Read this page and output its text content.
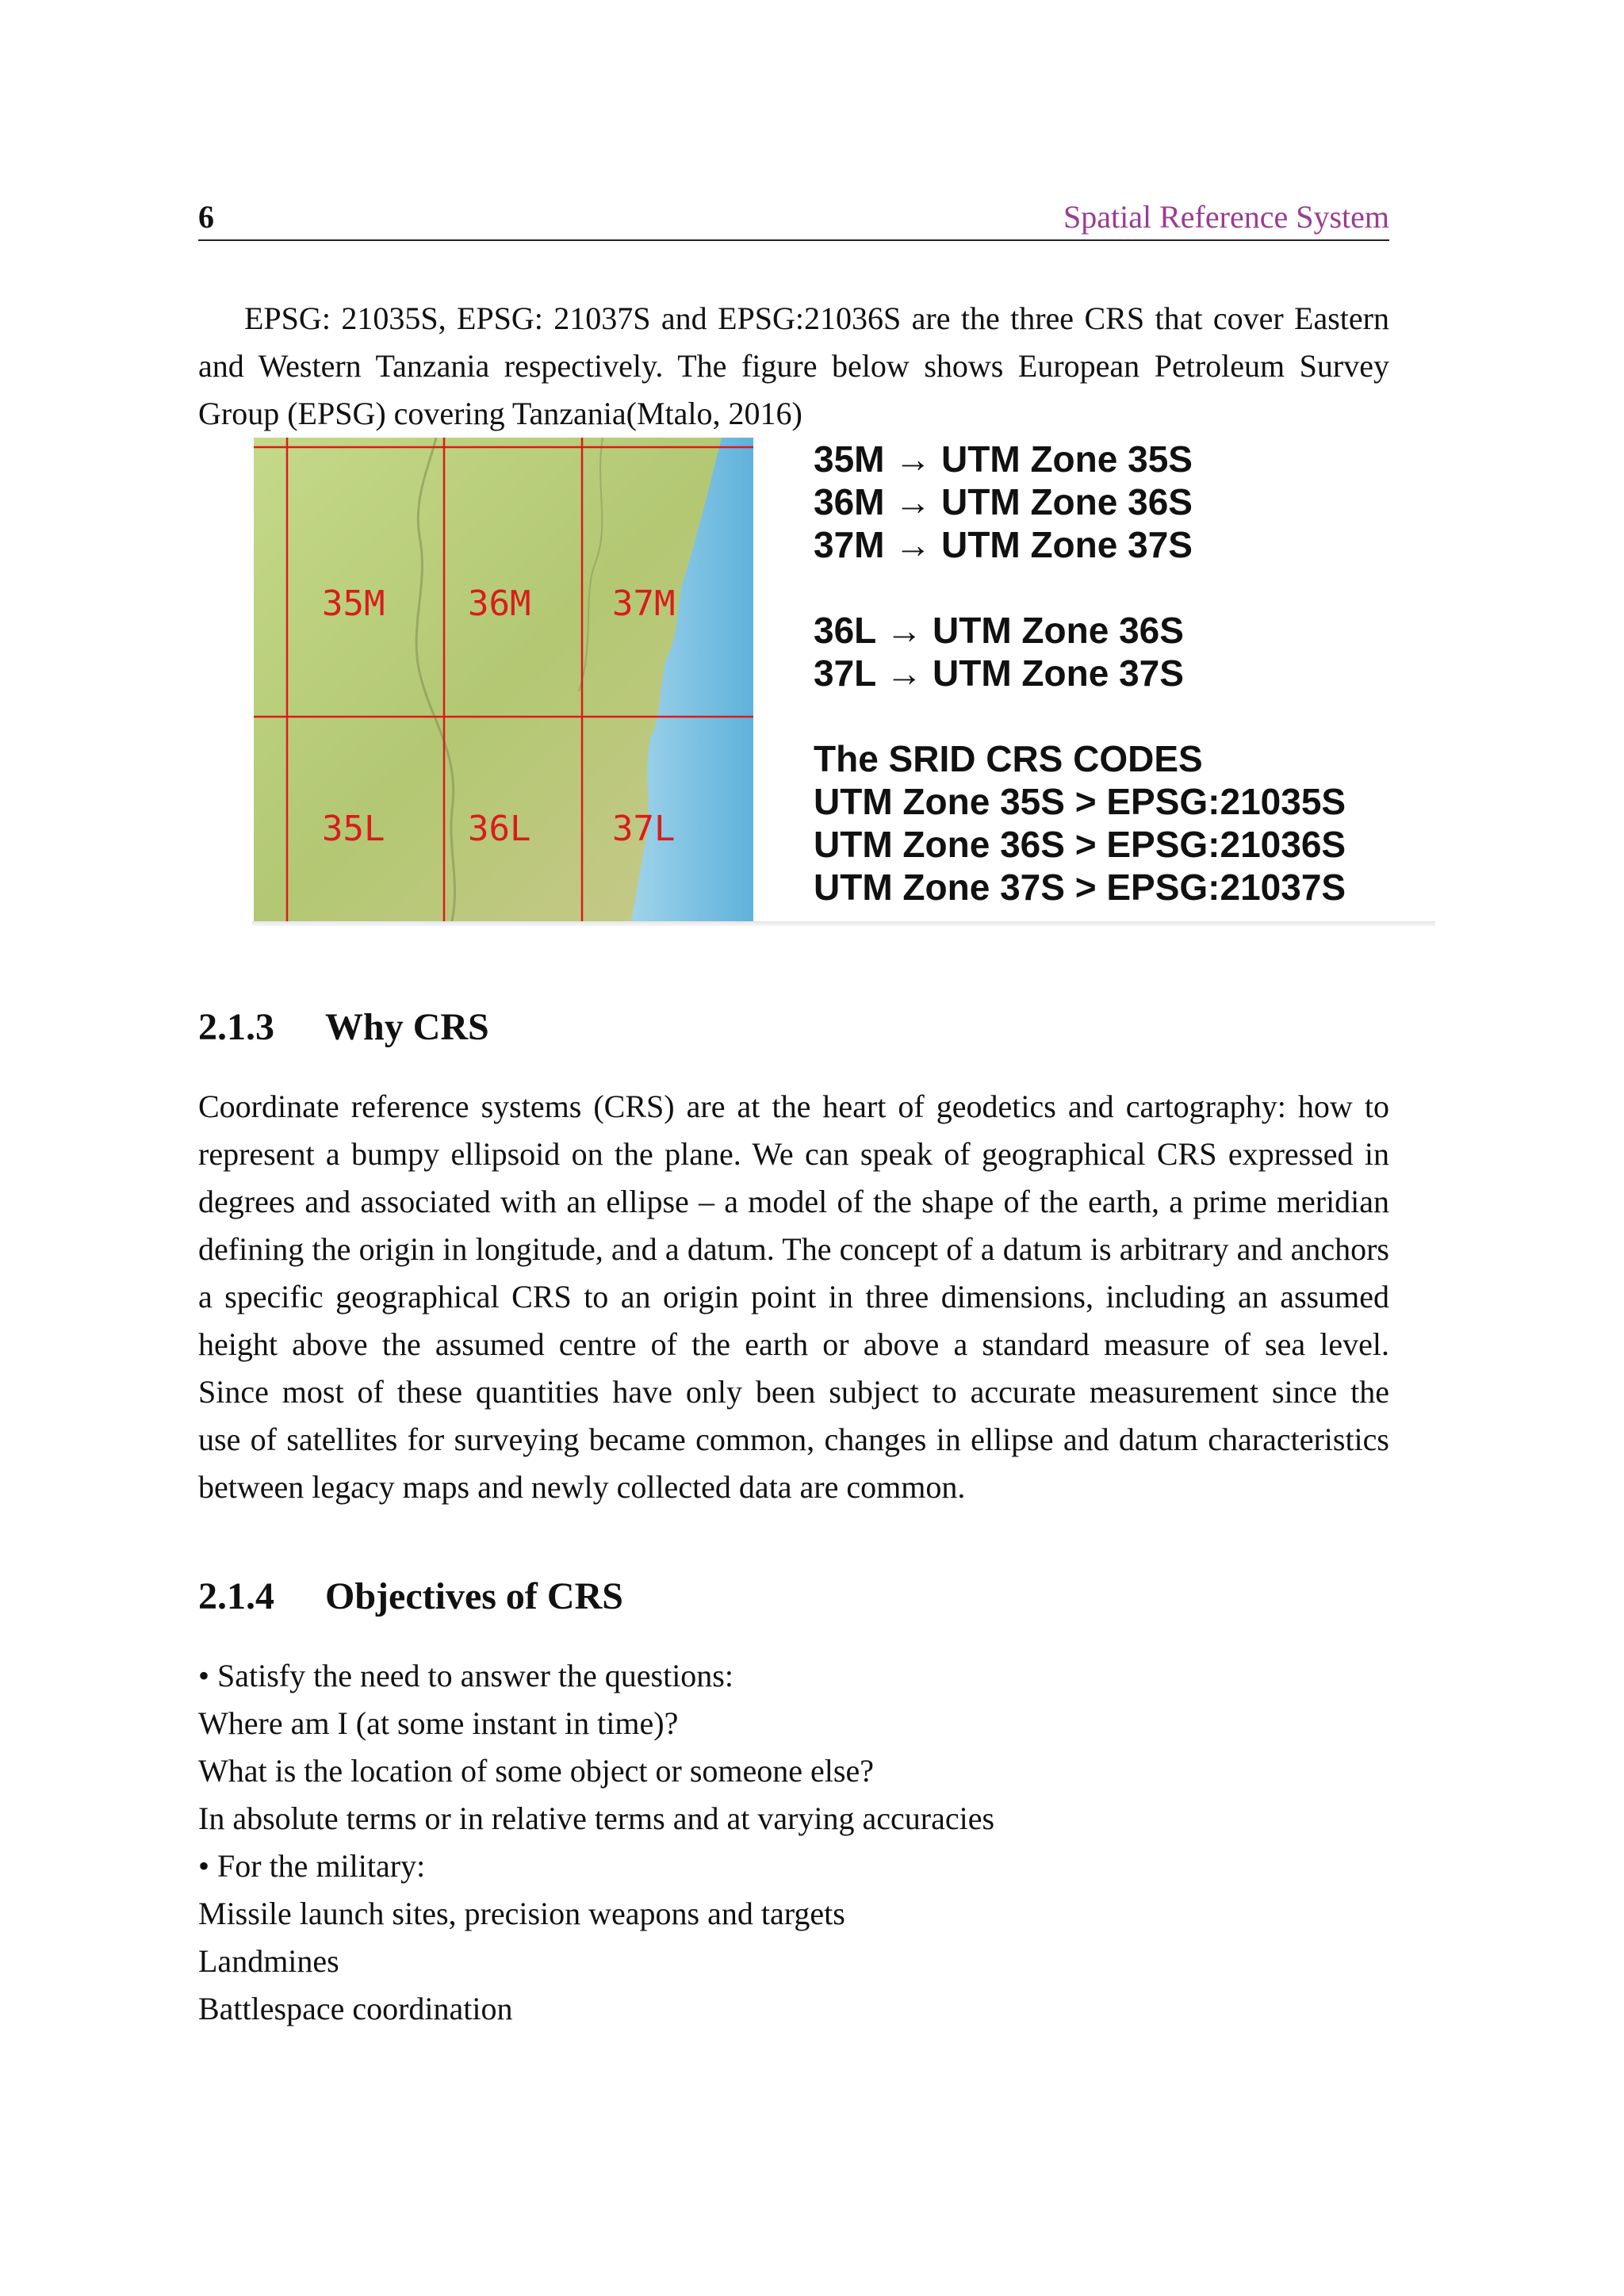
6	Spatial Reference System
EPSG: 21035S, EPSG: 21037S and EPSG:21036S are the three CRS that cover Eastern
and Western Tanzania respectively. The figure below shows European Petroleum Survey
Group (EPSG) covering Tanzania(Mtalo, 2016)
35M 36M 37M
35L 36L 37L
35M → UTM Zone 35S
36M → UTM Zone 36S
37M → UTM Zone 37S
36L → UTM Zone 36S
37L → UTM Zone 37S
The SRID CRS CODES
UTM Zone 35S > EPSG:21035S
UTM Zone 36S > EPSG:21036S
UTM Zone 37S > EPSG:21037S
2.1.3 Why CRS
Coordinate reference systems (CRS) are at the heart of geodetics and cartography: how to
represent a bumpy ellipsoid on the plane. We can speak of geographical CRS expressed in
degrees and associated with an ellipse – a model of the shape of the earth, a prime meridian
defining the origin in longitude, and a datum. The concept of a datum is arbitrary and anchors
a specific geographical CRS to an origin point in three dimensions, including an assumed
height above the assumed centre of the earth or above a standard measure of sea level.
Since most of these quantities have only been subject to accurate measurement since the
use of satellites for surveying became common, changes in ellipse and datum characteristics
between legacy maps and newly collected data are common.
2.1.4 Objectives of CRS
• Satisfy the need to answer the questions:
Where am I (at some instant in time)?
What is the location of some object or someone else?
In absolute terms or in relative terms and at varying accuracies
• For the military:
Missile launch sites, precision weapons and targets
Landmines
Battlespace coordination
